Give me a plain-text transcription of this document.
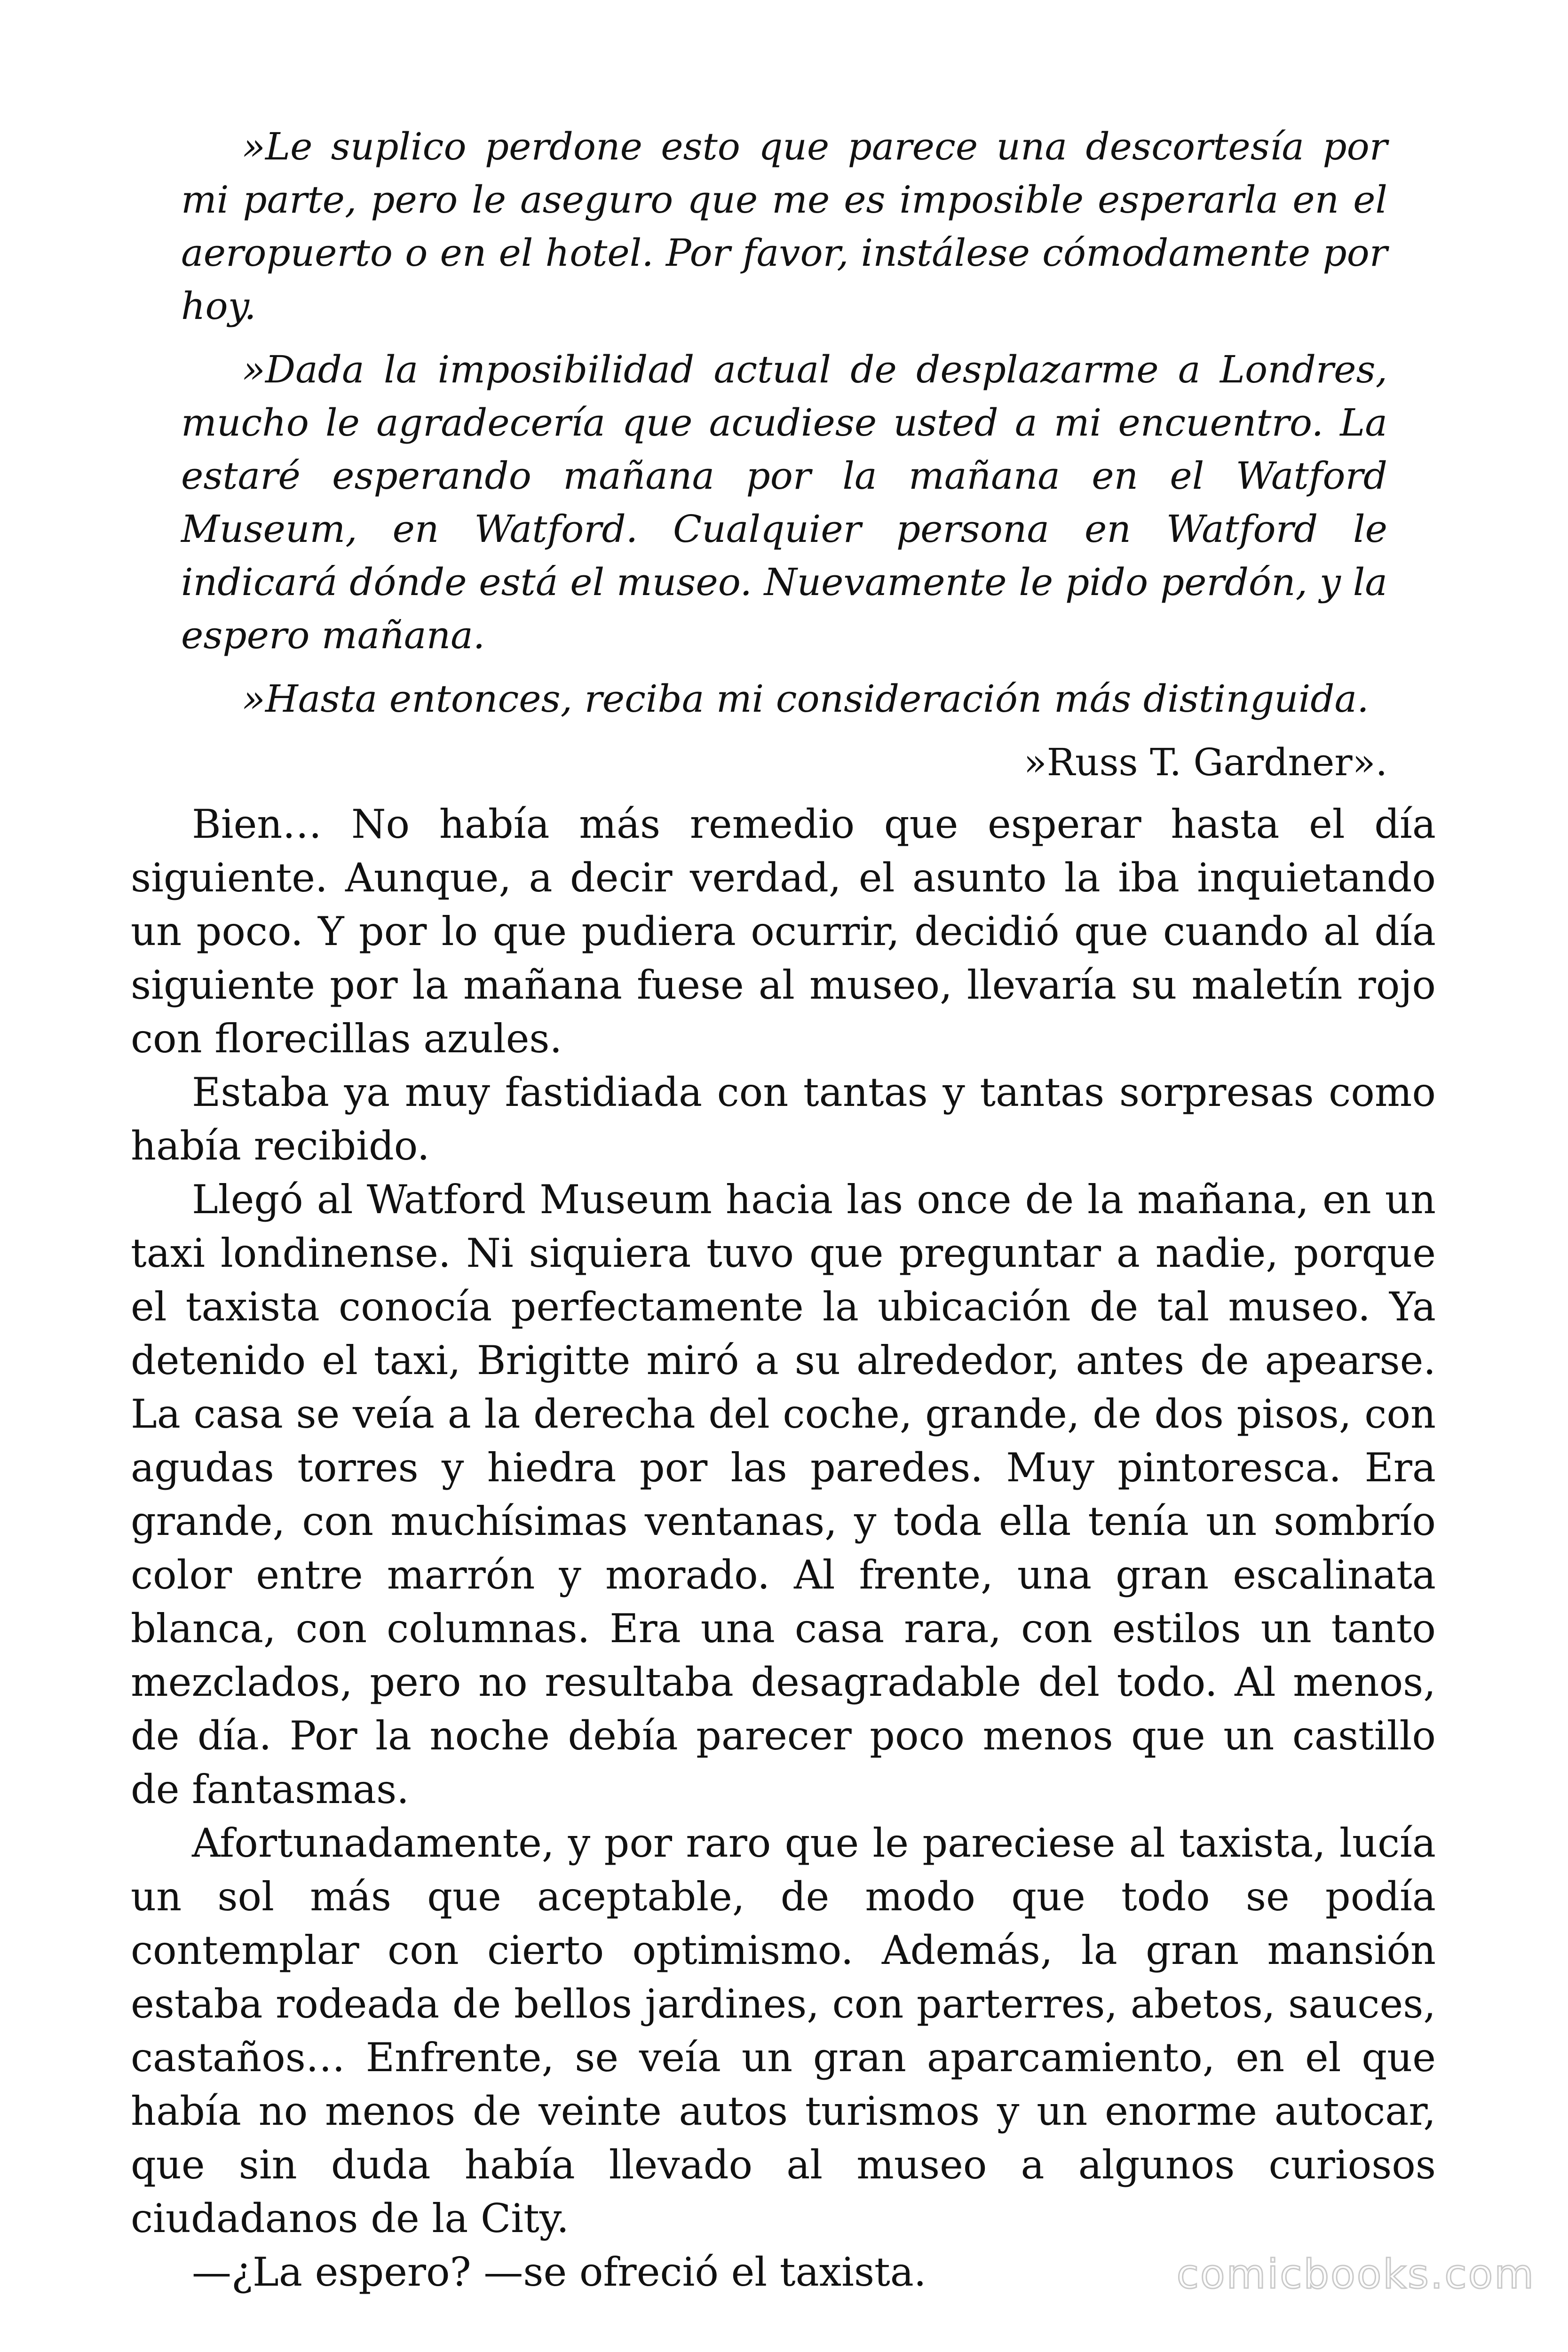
»Le suplico perdone esto que parece una descortesía por mi parte, pero le aseguro que me es imposible esperarla en el aeropuerto o en el hotel. Por favor, instálese cómodamente por hoy.

»Dada la imposibilidad actual de desplazarme a Londres, mucho le agradecería que acudiese usted a mi encuentro. La estaré esperando mañana por la mañana en el Watford Museum, en Watford. Cualquier persona en Watford le indicará dónde está el museo. Nuevamente le pido perdón, y la espero mañana.

»Hasta entonces, reciba mi consideración más distinguida.

»Russ T. Gardner».

Bien… No había más remedio que esperar hasta el día siguiente. Aunque, a decir verdad, el asunto la iba inquietando un poco. Y por lo que pudiera ocurrir, decidió que cuando al día siguiente por la mañana fuese al museo, llevaría su maletín rojo con florecillas azules.

Estaba ya muy fastidiada con tantas y tantas sorpresas como había recibido.

Llegó al Watford Museum hacia las once de la mañana, en un taxi londinense. Ni siquiera tuvo que preguntar a nadie, porque el taxista conocía perfectamente la ubicación de tal museo. Ya detenido el taxi, Brigitte miró a su alrededor, antes de apearse. La casa se veía a la derecha del coche, grande, de dos pisos, con agudas torres y hiedra por las paredes. Muy pintoresca. Era grande, con muchísimas ventanas, y toda ella tenía un sombrío color entre marrón y morado. Al frente, una gran escalinata blanca, con columnas. Era una casa rara, con estilos un tanto mezclados, pero no resultaba desagradable del todo. Al menos, de día. Por la noche debía parecer poco menos que un castillo de fantasmas.

Afortunadamente, y por raro que le pareciese al taxista, lucía un sol más que aceptable, de modo que todo se podía contemplar con cierto optimismo. Además, la gran mansión estaba rodeada de bellos jardines, con parterres, abetos, sauces, castaños… Enfrente, se veía un gran aparcamiento, en el que había no menos de veinte autos turismos y un enorme autocar, que sin duda había llevado al museo a algunos curiosos ciudadanos de la City.

—¿La espero? —se ofreció el taxista.	comicbooks.com
